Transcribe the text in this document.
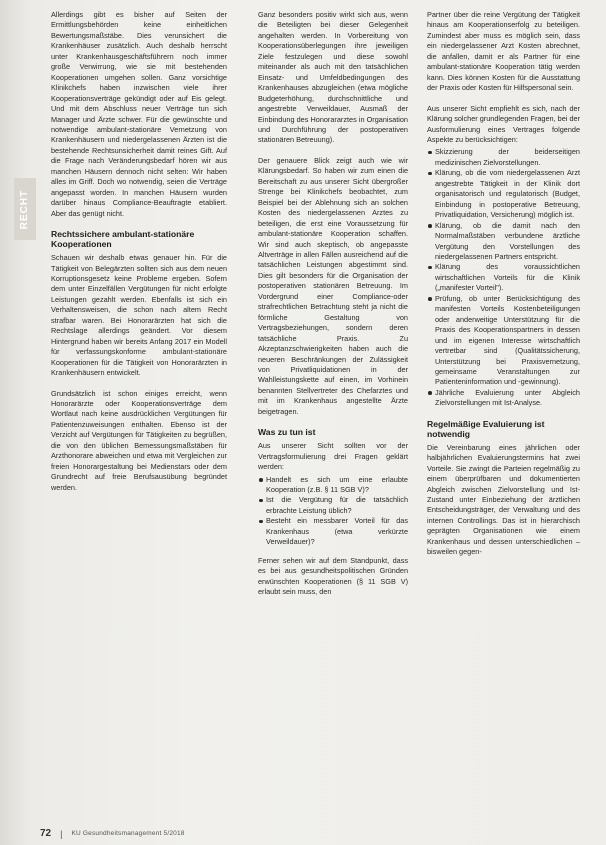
RECHT

Allerdings gibt es bisher auf Seiten der Ermittlungsbehörden keine einheitlichen Bewertungsmaßstäbe. Dies verunsichert die Krankenhäuser zusätzlich. Auch deshalb herrscht unter Krankenhausgeschäftsführern noch immer große Verwirrung, wie sie mit bestehenden Kooperationen umgehen sollen. Ganz vorsichtige Klinikchefs haben inzwischen viele ihrer Kooperationsverträge gekündigt oder auf Eis gelegt. Und mit dem Abschluss neuer Verträge tun sich Manager und Ärzte schwer. Für die gewünschte und notwendige ambulant-stationäre Vernetzung von Krankenhäusern und niedergelassenen Ärzten ist die bestehende Rechtsunsicherheit damit reines Gift. Auf die Frage nach Veränderungsbedarf hören wir aus manchen Häusern dennoch nicht selten: Wir haben alles im Griff. Doch wo notwendig, seien die Verträge angepasst worden. In manchen Häusern wurden darüber hinaus Compliance-Beauftragte etabliert. Aber das genügt nicht.

Rechtssichere ambulant-stationäre Kooperationen

Schauen wir deshalb etwas genauer hin. Für die Tätigkeit von Belegärzten sollten sich aus dem neuen Korruptionsgesetz keine Probleme ergeben. Sofern dem unter Einzelfällen Vergütungen für nicht erfolgte Leistungen gezahlt werden. Ebenfalls ist sich ein Verhaltensweisen, die schon nach altem Recht strafbar waren. Bei Honorarärzten hat sich die Rechtslage allerdings geändert. Vor diesem Hintergrund haben wir bereits Anfang 2017 ein Modell für verfassungskonforme ambulant-stationäre Kooperationen für die Tätigkeit von Honorarärzten in Krankenhäusern entwickelt.

Grundsätzlich ist schon einiges erreicht, wenn Honorarärzte oder Kooperationsverträge dem Wortlaut nach keine ausdrücklichen Vergütungen für Patientenzuweisungen enthalten. Ebenso ist der Verzicht auf Vergütungen für Tätigkeiten zu begrüßen, die von den üblichen Bemessungsmaßstäben für Arzthonorare abweichen und etwa mit Vergleichen zur freien Honorargestaltung bei Medienstars oder dem Grundrecht auf freie Berufsausübung begründet werden.

Ganz besonders positiv wirkt sich aus, wenn die Beteiligten bei dieser Gelegenheit angehalten werden. In Vorbereitung von Kooperationsüberlegungen ihre jeweiligen Ziele festzulegen und diese sowohl miteinander als auch mit den tatsächlichen Einsatz- und Umfeldbedingungen des Krankenhauses abzugleichen (etwa mögliche Budgeterhöhung, durchschnittliche und angestrebte Verweildauer, Ausmaß der Einbindung des Honorararztes in Organisation und Durchführung der postoperativen stationären Betreuung).

Der genauere Blick zeigt auch wie wir Klärungsbedarf. So haben wir zum einen die Bereitschaft zu aus unserer Sicht übergroßer Strenge bei Klinikchefs beobachtet, zum Beispiel bei der Ablehnung sich an solchen Kosten des niedergelassenen Arztes zu beteiligen, die erst eine Voraussetzung für ambulant-stationäre Kooperation schaffen. Wir sind auch skeptisch, ob angepasste Altverträge in allen Fällen ausreichend auf die tatsächlichen Leistungen abgestimmt sind. Dies gilt besonders für die Organisation der postoperativen stationären Betreuung. Im Vordergrund einer Compliance-oder strafrechtlichen Betrachtung steht ja nicht die förmliche Gestaltung von Vertragsbeziehungen, sondern deren tatsächliche Praxis. Zu Akzeptanzschwierigkeiten haben auch die neueren Beschränkungen der Zulässigkeit von Privatliquidationen in der Wahlleistungskette auf einen, im Vorhinein benannten Stellvertreter des Chefarztes und mit im Krankenhaus angestellte Ärzte beigetragen.

Was zu tun ist

Aus unserer Sicht sollten vor der Vertragsformulierung drei Fragen geklärt werden:

Handelt es sich um eine erlaubte Kooperation (z.B. § 11 SGB V)?
Ist die Vergütung für die tatsächlich erbrachte Leistung üblich?
Besteht ein messbarer Vorteil für das Krankenhaus (etwa verkürzte Verweildauer)?

Ferner sehen wir auf dem Standpunkt, dass es bei aus gesundheitspolitischen Gründen erwünschten Kooperationen (§ 11 SGB V) erlaubt sein muss, den

Partner über die reine Vergütung der Tätigkeit hinaus am Kooperationserfolg zu beteiligen. Zumindest aber muss es möglich sein, dass ein niedergelassener Arzt Kosten abrechnet, die anfallen, damit er als Partner für eine ambulant-stationäre Kooperation tätig werden kann. Dies können Kosten für die Ausstattung der Praxis oder Kosten für Hilfspersonal sein.

Aus unserer Sicht empfiehlt es sich, nach der Klärung solcher grundlegenden Fragen, bei der Ausformulierung eines Vertrages folgende Aspekte zu berücksichtigen:

Skizzierung der beiderseitigen medizinischen Zielvorstellungen.
Klärung, ob die vom niedergelassenen Arzt angestrebte Tätigkeit in der Klinik dort organisatorisch und regulatorisch (Budget, Einbindung in postoperative Betreuung, Privatliquidation, Versicherung) möglich ist.
Klärung, ob die damit nach den Normalmaßstäben verbundene ärztliche Vergütung den Vorstellungen des niedergelassenen Partners entspricht.
Klärung des voraussichtlichen wirtschaftlichen Vorteils für die Klinik („manifester Vorteil").
Prüfung, ob unter Berücksichtigung des manifesten Vorteils Kostenbeteiligungen oder anderweitige Unterstützung für die Praxis des Kooperationspartners in dessen und im eigenen Interesse wirtschaftlich vertretbar sind (Qualitätssicherung, Unterstützung bei Praxisvernetzung, gemeinsame Veranstaltungen zur Patienteninformation und -gewinnung).
Jährliche Evaluierung unter Abgleich Zielvorstellungen mit Ist-Analyse.
Regelmäßige Evaluierung ist notwendig

Die Vereinbarung eines jährlichen oder halbjährlichen Evaluierungstermins hat zwei Vorteile. Sie zwingt die Parteien regelmäßig zu einem überprüfbaren und dokumentierten Abgleich zwischen Zielvorstellung und Ist-Zustand unter Einbeziehung der ärztlichen Entscheidungsträger, der Verwaltung und des internen Controllings. Das ist in hierarchisch geprägten Organisationen wie einem Krankenhaus und dessen unterschiedlichen – bisweilen gegen-

72 | KU Gesundheitsmanagement 5/2018
